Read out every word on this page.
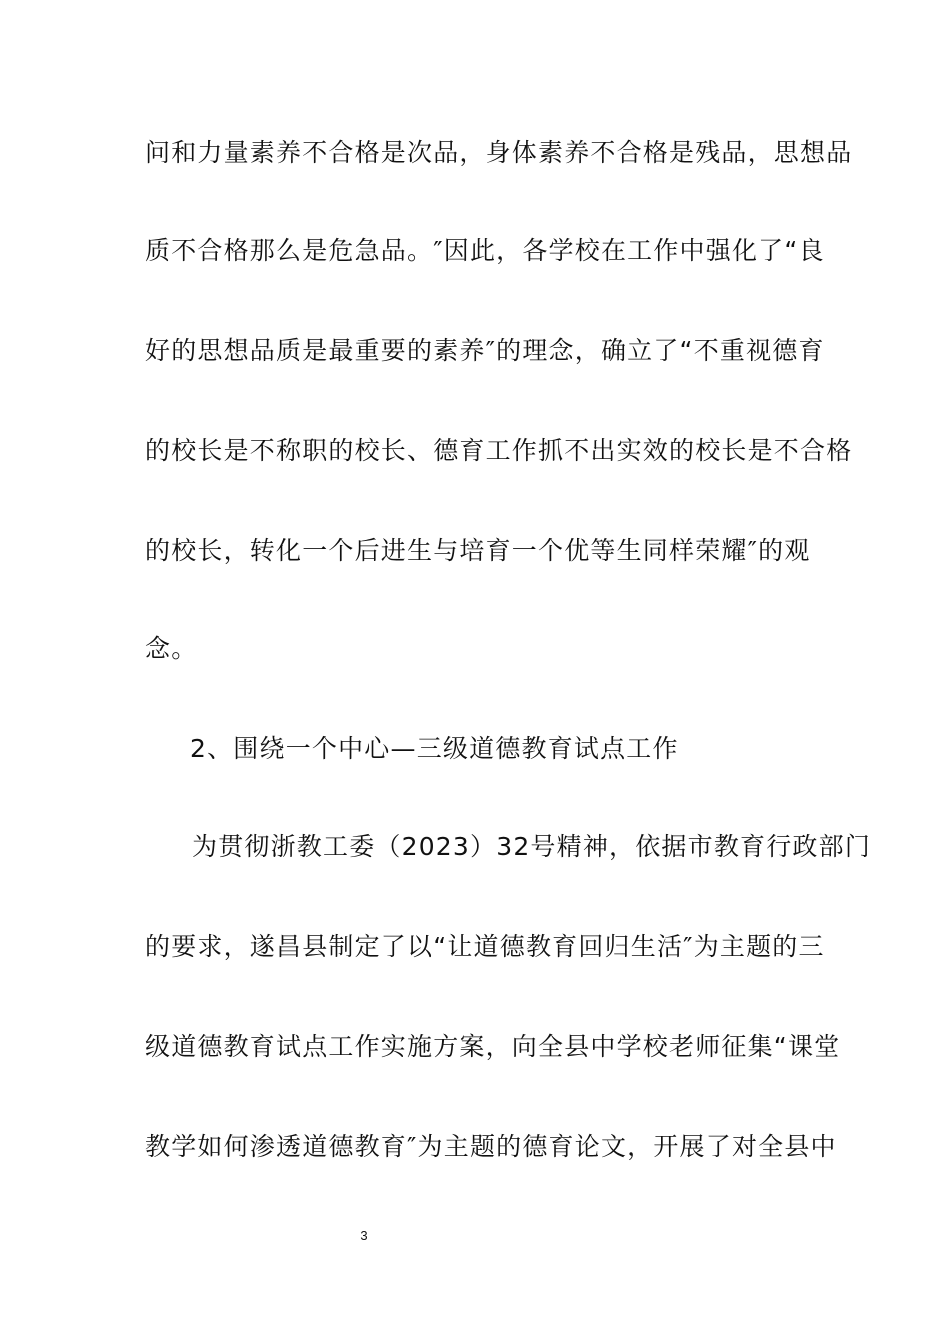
问和力量素养不合格是次品，身体素养不合格是残品，思想品
质不合格那么是危急品。″因此，各学校在工作中强化了“良
好的思想品质是最重要的素养″的理念，确立了“不重视德育
的校长是不称职的校长、德育工作抓不出实效的校长是不合格
的校长，转化一个后进生与培育一个优等生同样荣耀″的观
念。
2、围绕一个中心—三级道德教育试点工作
为贯彻浙教工委（2023）32号精神，依据市教育行政部门
的要求，遂昌县制定了以“让道德教育回归生活″为主题的三
级道德教育试点工作实施方案，向全县中学校老师征集“课堂
教学如何渗透道德教育″为主题的德育论文，开展了对全县中
3
